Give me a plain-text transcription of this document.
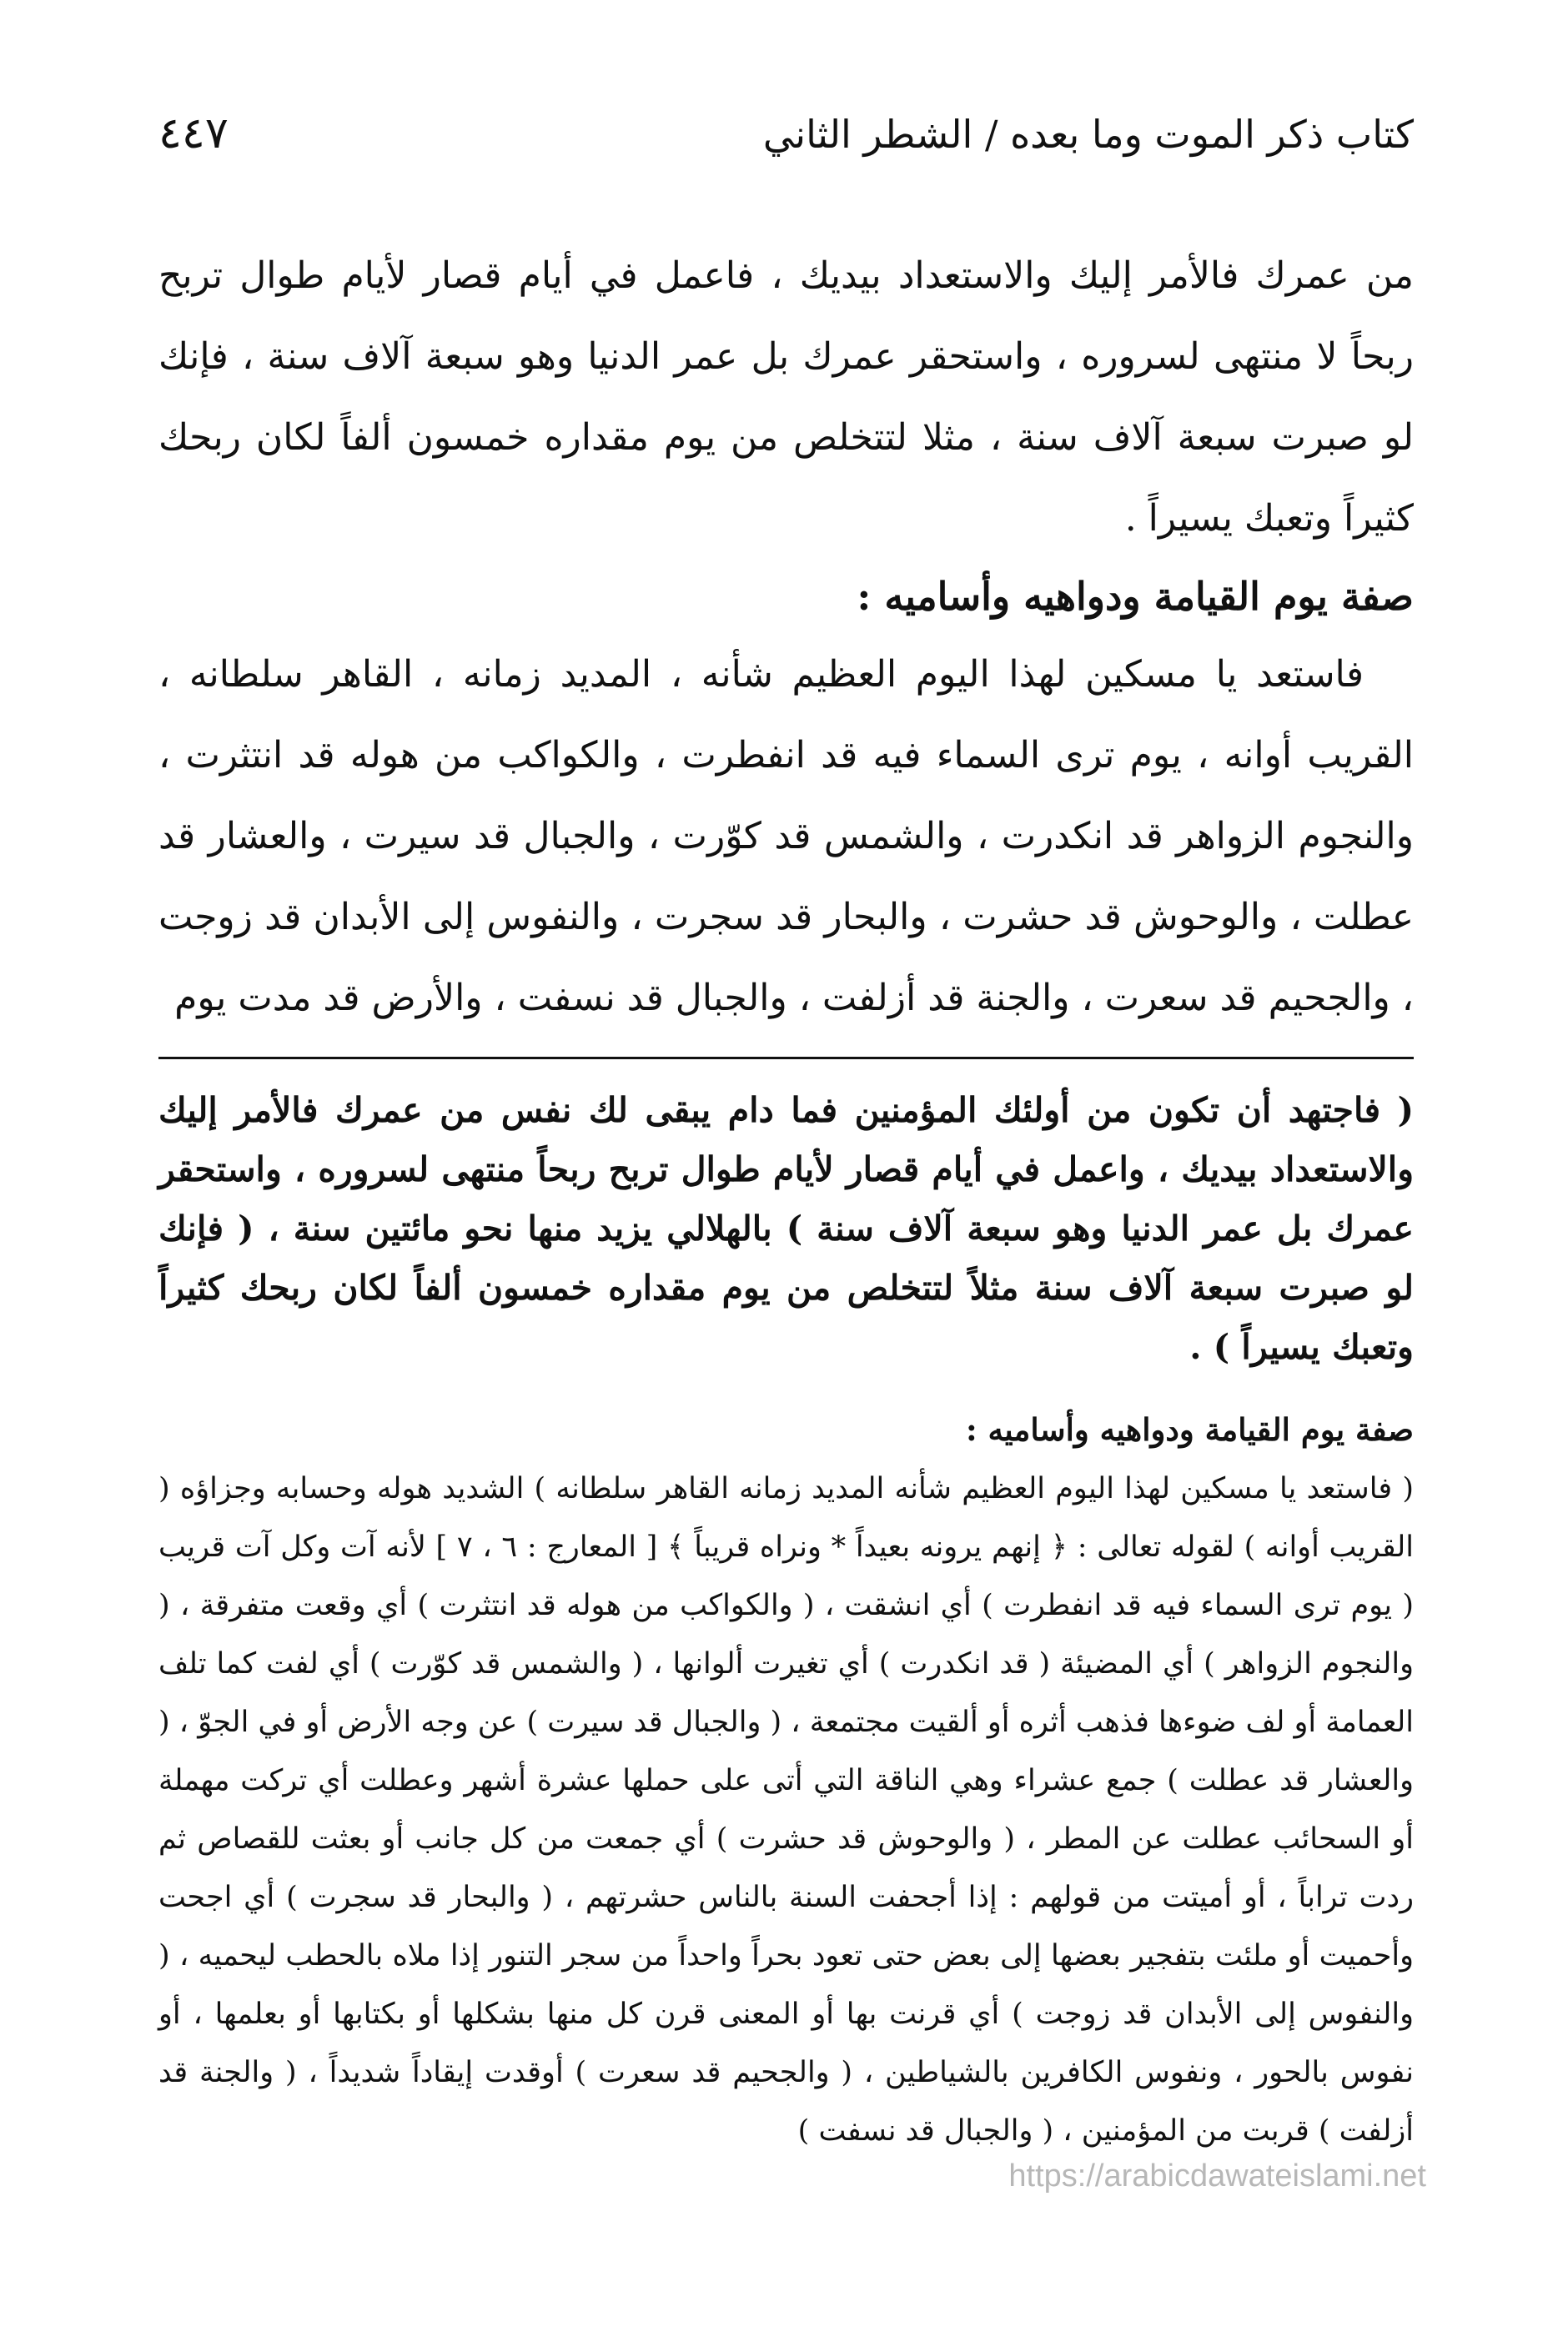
كتاب ذكر الموت وما بعده / الشطر الثاني
٤٤٧

من عمرك فالأمر إليك والاستعداد بيديك ، فاعمل في أيام قصار لأيام طوال تربح ربحاً لا منتهى لسروره ، واستحقر عمرك بل عمر الدنيا وهو سبعة آلاف سنة ، فإنك لو صبرت سبعة آلاف سنة ، مثلا لتتخلص من يوم مقداره خمسون ألفاً لكان ربحك كثيراً وتعبك يسيراً .

صفة يوم القيامة ودواهيه وأساميه :

فاستعد يا مسكين لهذا اليوم العظيم شأنه ، المديد زمانه ، القاهر سلطانه ، القريب أوانه ، يوم ترى السماء فيه قد انفطرت ، والكواكب من هوله قد انتثرت ، والنجوم الزواهر قد انكدرت ، والشمس قد كوّرت ، والجبال قد سيرت ، والعشار قد عطلت ، والوحوش قد حشرت ، والبحار قد سجرت ، والنفوس إلى الأبدان قد زوجت ، والجحيم قد سعرت ، والجنة قد أزلفت ، والجبال قد نسفت ، والأرض قد مدت يوم

( فاجتهد أن تكون من أولئك المؤمنين فما دام يبقى لك نفس من عمرك فالأمر إليك والاستعداد بيديك ، واعمل في أيام قصار لأيام طوال تربح ربحاً منتهى لسروره ، واستحقر عمرك بل عمر الدنيا وهو سبعة آلاف سنة ) بالهلالي يزيد منها نحو مائتين سنة ، ( فإنك لو صبرت سبعة آلاف سنة مثلاً لتتخلص من يوم مقداره خمسون ألفاً لكان ربحك كثيراً وتعبك يسيراً ) .

صفة يوم القيامة ودواهيه وأساميه :

( فاستعد يا مسكين لهذا اليوم العظيم شأنه المديد زمانه القاهر سلطانه ) الشديد هوله وحسابه وجزاؤه ( القريب أوانه ) لقوله تعالى : ﴿ إنهم يرونه بعيداً * ونراه قريباً ﴾ [ المعارج : ٦ ، ٧ ] لأنه آت وكل آت قريب ( يوم ترى السماء فيه قد انفطرت ) أي انشقت ، ( والكواكب من هوله قد انتثرت ) أي وقعت متفرقة ، ( والنجوم الزواهر ) أي المضيئة ( قد انكدرت ) أي تغيرت ألوانها ، ( والشمس قد كوّرت ) أي لفت كما تلف العمامة أو لف ضوءها فذهب أثره أو ألقيت مجتمعة ، ( والجبال قد سيرت ) عن وجه الأرض أو في الجوّ ، ( والعشار قد عطلت ) جمع عشراء وهي الناقة التي أتى على حملها عشرة أشهر وعطلت أي تركت مهملة أو السحائب عطلت عن المطر ، ( والوحوش قد حشرت ) أي جمعت من كل جانب أو بعثت للقصاص ثم ردت تراباً ، أو أميتت من قولهم : إذا أجحفت السنة بالناس حشرتهم ، ( والبحار قد سجرت ) أي اجحت وأحميت أو ملئت بتفجير بعضها إلى بعض حتى تعود بحراً واحداً من سجر التنور إذا ملاه بالحطب ليحميه ، ( والنفوس إلى الأبدان قد زوجت ) أي قرنت بها أو المعنى قرن كل منها بشكلها أو بكتابها أو بعلمها ، أو نفوس بالحور ، ونفوس الكافرين بالشياطين ، ( والجحيم قد سعرت ) أوقدت إيقاداً شديداً ، ( والجنة قد أزلفت ) قربت من المؤمنين ، ( والجبال قد نسفت )

https://arabicdawateislami.net
